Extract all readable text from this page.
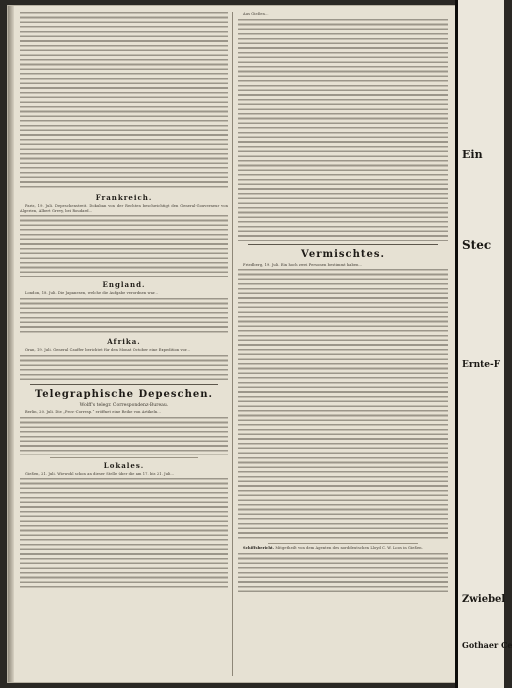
Frankreich.

Paris, 19. Juli. Depeschenstreit. Dokuban von der Rechten beschwichtigt den General-Gouverneur von Algerien, Albert Grevy, bei Roudard...

England.

London, 18. Juli. Die Japanesen, welche die Aufgabe verordnen war...

Afrika.

Oran, 19. Juli. General Cauffer berichtet für den Monat October eine Expedition vor...

Telegraphische Depeschen.
Wolff's telegr. Correspondenz-Bureau.

Berlin, 20. Juli. Die „Prov.-Corresp.“ eröffnet eine Reihe von Artikeln...

Lokales.

Gießen, 21. Juli. Wiewohl schon an dieser Stelle über die am 17. bis 21. Juli...

Aus Gießen...

Vermischtes.

Friedberg, 19. Juli. Ein hoch zwei Personen bestimmt haben...

Schiffsbericht. Mitgetheilt von dem Agenten des norddeutschen Lloyd C. W. Loos in Gießen.

Ein
Stec
Ernte-F
Zwiebel
Gothaer Ce
